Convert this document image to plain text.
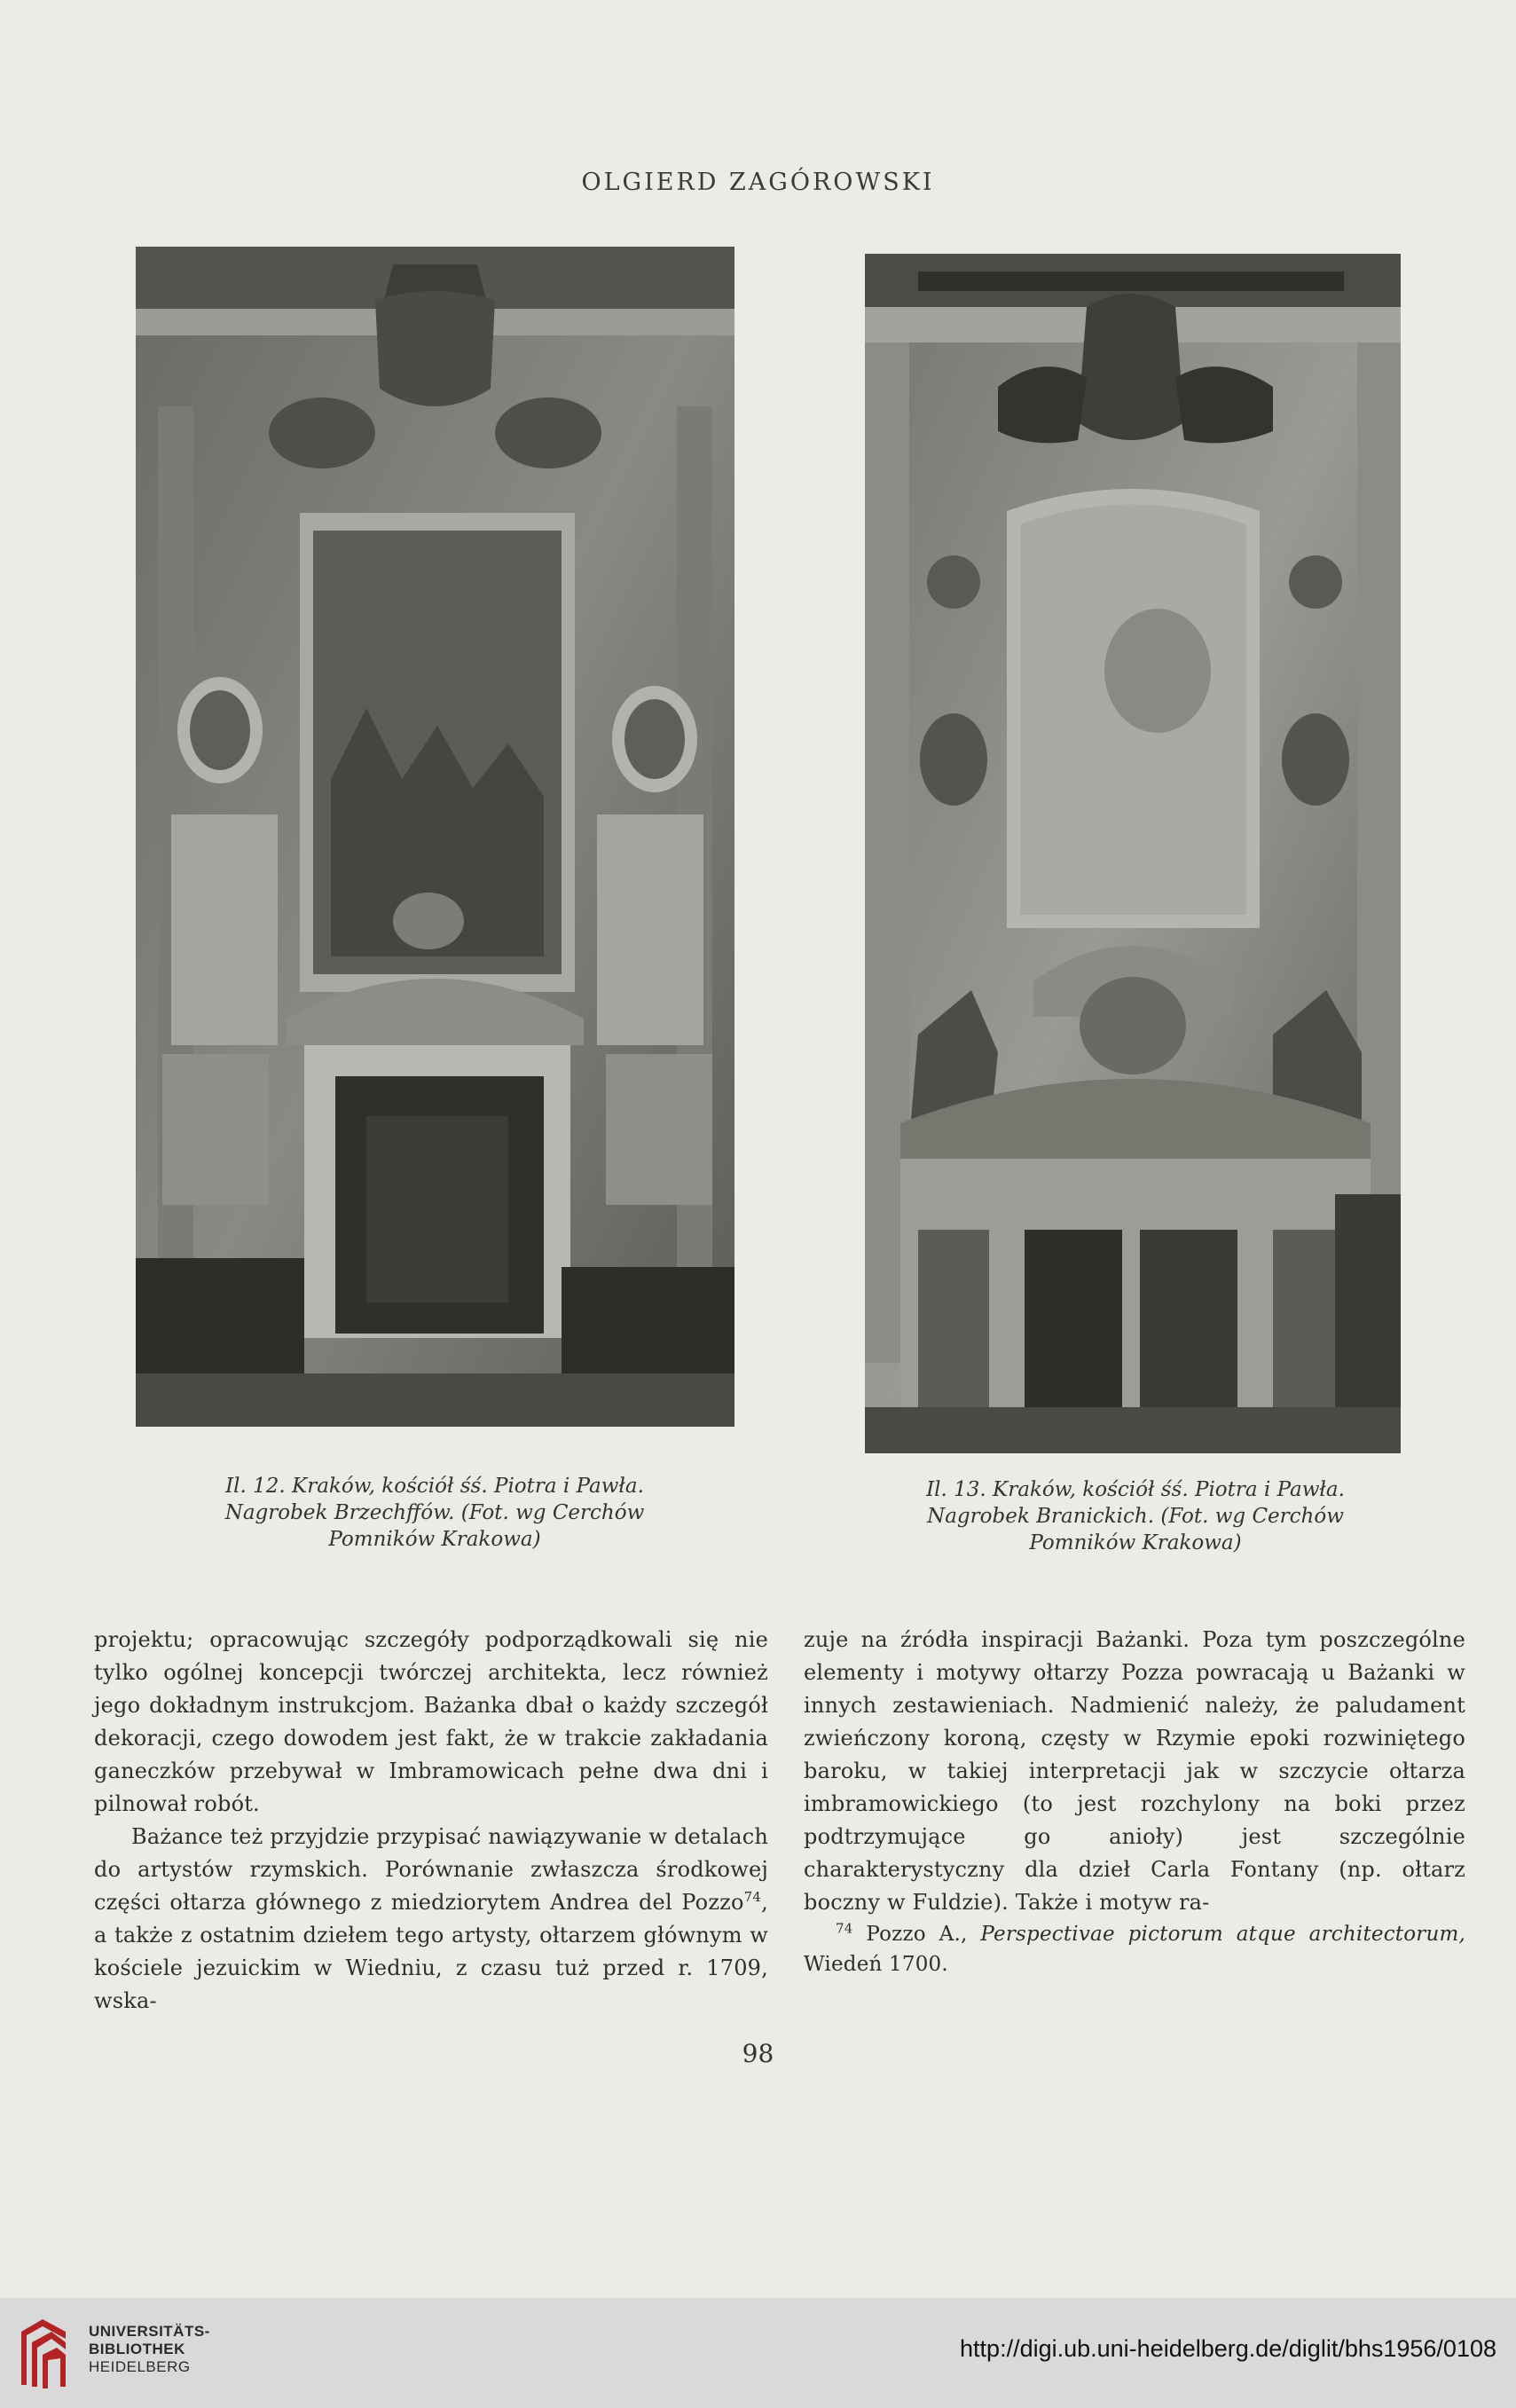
OLGIERD ZAGÓROWSKI
Il. 12. Kraków, kościół śś. Piotra i Pawła.
Nagrobek Brzechffów. (Fot. wg Cerchów
Pomników Krakowa)
Il. 13. Kraków, kościół śś. Piotra i Pawła.
Nagrobek Branickich. (Fot. wg Cerchów
Pomników Krakowa)

projektu; opracowując szczegóły podporządkowali się nie tylko ogólnej koncepcji twórczej architekta, lecz również jego dokładnym instrukcjom. Bażanka dbał o każdy szczegół dekoracji, czego dowodem jest fakt, że w trakcie zakładania ganeczków przebywał w Imbramowicach pełne dwa dni i pilnował robót.

Bażance też przyjdzie przypisać nawiązywanie w detalach do artystów rzymskich. Porównanie zwłaszcza środkowej części ołtarza głównego z miedziorytem Andrea del Pozzo$^{74}$, a także z ostatnim dziełem tego artysty, ołtarzem głównym w kościele jezuickim w Wiedniu, z czasu tuż przed r. 1709, wska-

zuje na źródła inspiracji Bażanki. Poza tym poszczególne elementy i motywy ołtarzy Pozza powracają u Bażanki w innych zestawieniach. Nadmienić należy, że paludament zwieńczony koroną, częsty w Rzymie epoki rozwiniętego baroku, w takiej interpretacji jak w szczycie ołtarza imbramowickiego (to jest rozchylony na boki przez podtrzymujące go anioły) jest szczególnie charakterystyczny dla dzieł Carla Fontany (np. ołtarz boczny w Fuldzie). Także i motyw ra-

$^{74}$ Pozzo A., Perspectivae pictorum atque architectorum, Wiedeń 1700.

98
UNIVERSITÄTS-
BIBLIOTHEK
HEIDELBERG
http://digi.ub.uni-heidelberg.de/diglit/bhs1956/0108
